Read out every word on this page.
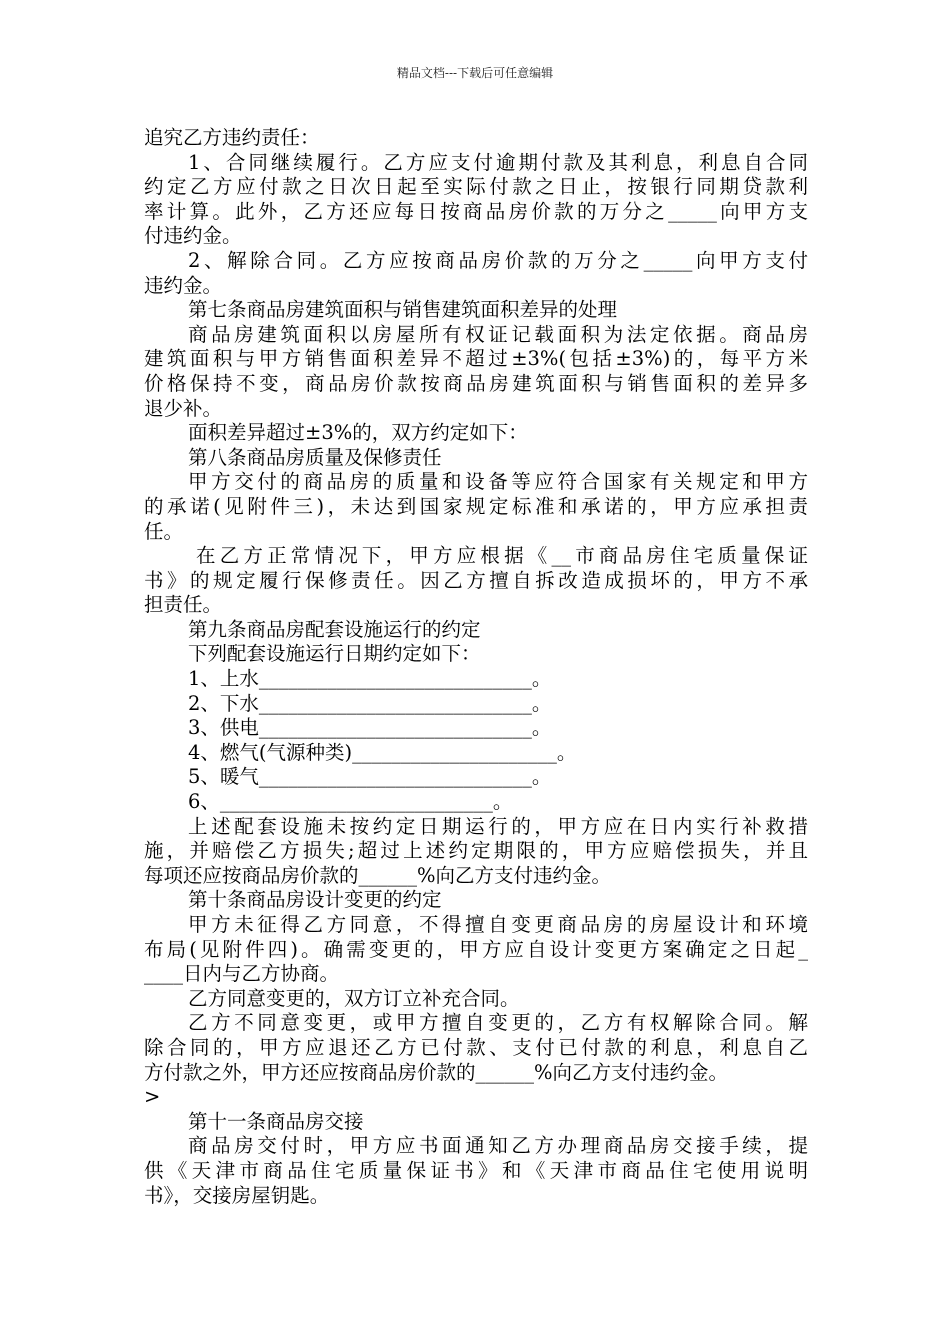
精品文档---下载后可任意编辑
追究乙方违约责任：
1、合同继续履行。乙方应支付逾期付款及其利息，利息自合同
约定乙方应付款之日次日起至实际付款之日止，按银行同期贷款利
率计算。此外，乙方还应每日按商品房价款的万分之_____向甲方支
付违约金。
2、解除合同。乙方应按商品房价款的万分之_____向甲方支付
违约金。
第七条商品房建筑面积与销售建筑面积差异的处理
商品房建筑面积以房屋所有权证记载面积为法定依据。商品房
建筑面积与甲方销售面积差异不超过±3%(包括±3%)的，每平方米
价格保持不变，商品房价款按商品房建筑面积与销售面积的差异多
退少补。
面积差异超过±3%的，双方约定如下：
第八条商品房质量及保修责任
甲方交付的商品房的质量和设备等应符合国家有关规定和甲方
的承诺(见附件三)，未达到国家规定标准和承诺的，甲方应承担责
任。
在乙方正常情况下，甲方应根据《__市商品房住宅质量保证
书》的规定履行保修责任。因乙方擅自拆改造成损坏的，甲方不承
担责任。
第九条商品房配套设施运行的约定
下列配套设施运行日期约定如下：
1、上水____________________________。
2、下水____________________________。
3、供电____________________________。
4、燃气(气源种类)_____________________。
5、暖气____________________________。
6、____________________________。
上述配套设施未按约定日期运行的，甲方应在日内实行补救措
施，并赔偿乙方损失;超过上述约定期限的，甲方应赔偿损失，并且
每项还应按商品房价款的______%向乙方支付违约金。
第十条商品房设计变更的约定
甲方未征得乙方同意，不得擅自变更商品房的房屋设计和环境
布局(见附件四)。确需变更的，甲方应自设计变更方案确定之日起_
____日内与乙方协商。
乙方同意变更的，双方订立补充合同。
乙方不同意变更，或甲方擅自变更的，乙方有权解除合同。解
除合同的，甲方应退还乙方已付款、支付已付款的利息，利息自乙
方付款之外，甲方还应按商品房价款的______%向乙方支付违约金。
>
第十一条商品房交接
商品房交付时，甲方应书面通知乙方办理商品房交接手续，提
供《天津市商品住宅质量保证书》和《天津市商品住宅使用说明
书》，交接房屋钥匙。
